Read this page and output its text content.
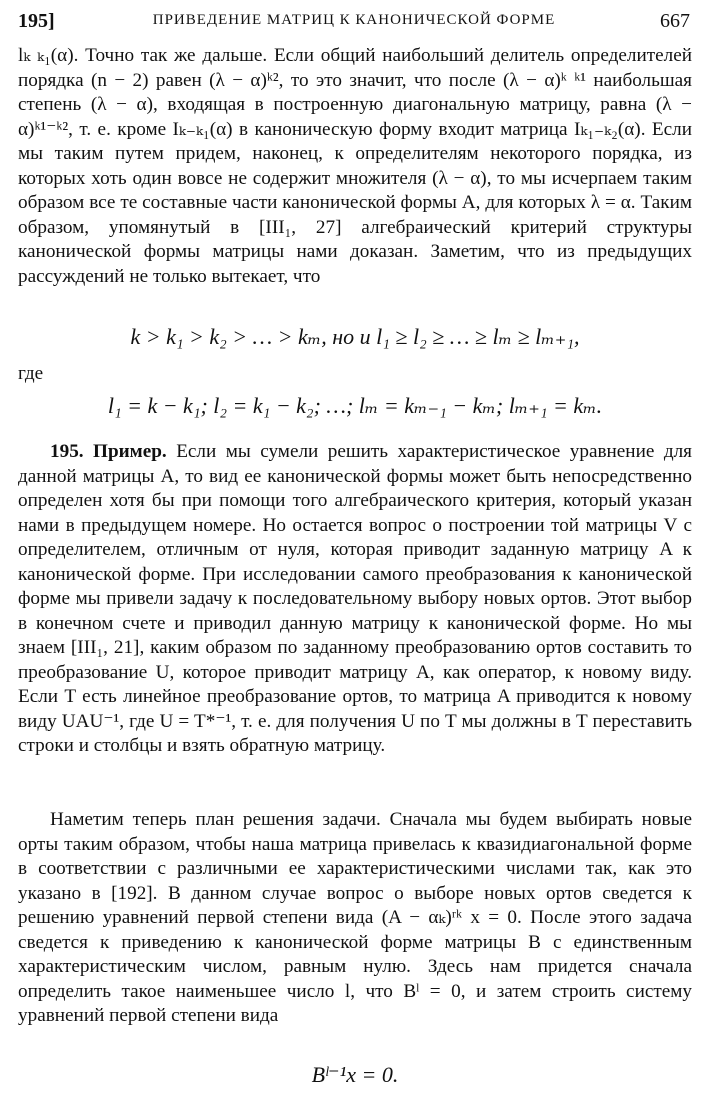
195]	ПРИВЕДЕНИЕ МАТРИЦ К КАНОНИЧЕСКОЙ ФОРМЕ	667

lₖ ₖ₁(α). Точно так же дальше. Если общий наибольший делитель определителей порядка (n − 2) равен (λ − α)ᵏ², то это значит, что после (λ − α)ᵏ ᵏ¹ наибольшая степень (λ − α), входящая в построенную диагональную матрицу, равна (λ − α)ᵏ¹⁻ᵏ², т. е. кроме Iₖ₋ₖ₁(α) в каноническую форму входит матрица Iₖ₁₋ₖ₂(α). Если мы таким путем придем, наконец, к определителям некоторого порядка, из которых хоть один вовсе не содержит множителя (λ − α), то мы исчерпаем таким образом все те составные части канонической формы A, для которых λ = α. Таким образом, упомянутый в [III₁, 27] алгебраический критерий структуры канонической формы матрицы нами доказан. Заметим, что из предыдущих рассуждений не только вытекает, что

k > k₁ > k₂ > … > kₘ, но и l₁ ≥ l₂ ≥ … ≥ lₘ ≥ lₘ₊₁,

где

l₁ = k − k₁; l₂ = k₁ − k₂; …; lₘ = kₘ₋₁ − kₘ; lₘ₊₁ = kₘ.

195. Пример. Если мы сумели решить характеристическое уравнение для данной матрицы A, то вид ее канонической формы может быть непосредственно определен хотя бы при помощи того алгебраического критерия, который указан нами в предыдущем номере. Но остается вопрос о построении той матрицы V с определителем, отличным от нуля, которая приводит заданную матрицу A к канонической форме. При исследовании самого преобразования к канонической форме мы привели задачу к последовательному выбору новых ортов. Этот выбор в конечном счете и приводил данную матрицу к канонической форме. Но мы знаем [III₁, 21], каким образом по заданному преобразованию ортов составить то преобразование U, которое приводит матрицу A, как оператор, к новому виду. Если T есть линейное преобразование ортов, то матрица A приводится к новому виду UAU⁻¹, где U = T*⁻¹, т. е. для получения U по T мы должны в T переставить строки и столбцы и взять обратную матрицу.

Наметим теперь план решения задачи. Сначала мы будем выбирать новые орты таким образом, чтобы наша матрица привелась к квазидиагональной форме в соответствии с различными ее характеристическими числами так, как это указано в [192]. В данном случае вопрос о выборе новых ортов сведется к решению уравнений первой степени вида (A − αₖ)ʳᵏ x = 0. После этого задача сведется к приведению к канонической форме матрицы B с единственным характеристическим числом, равным нулю. Здесь нам придется сначала определить такое наименьшее число l, что Bˡ = 0, и затем строить систему уравнений первой степени вида

Bˡ⁻¹x = 0.
